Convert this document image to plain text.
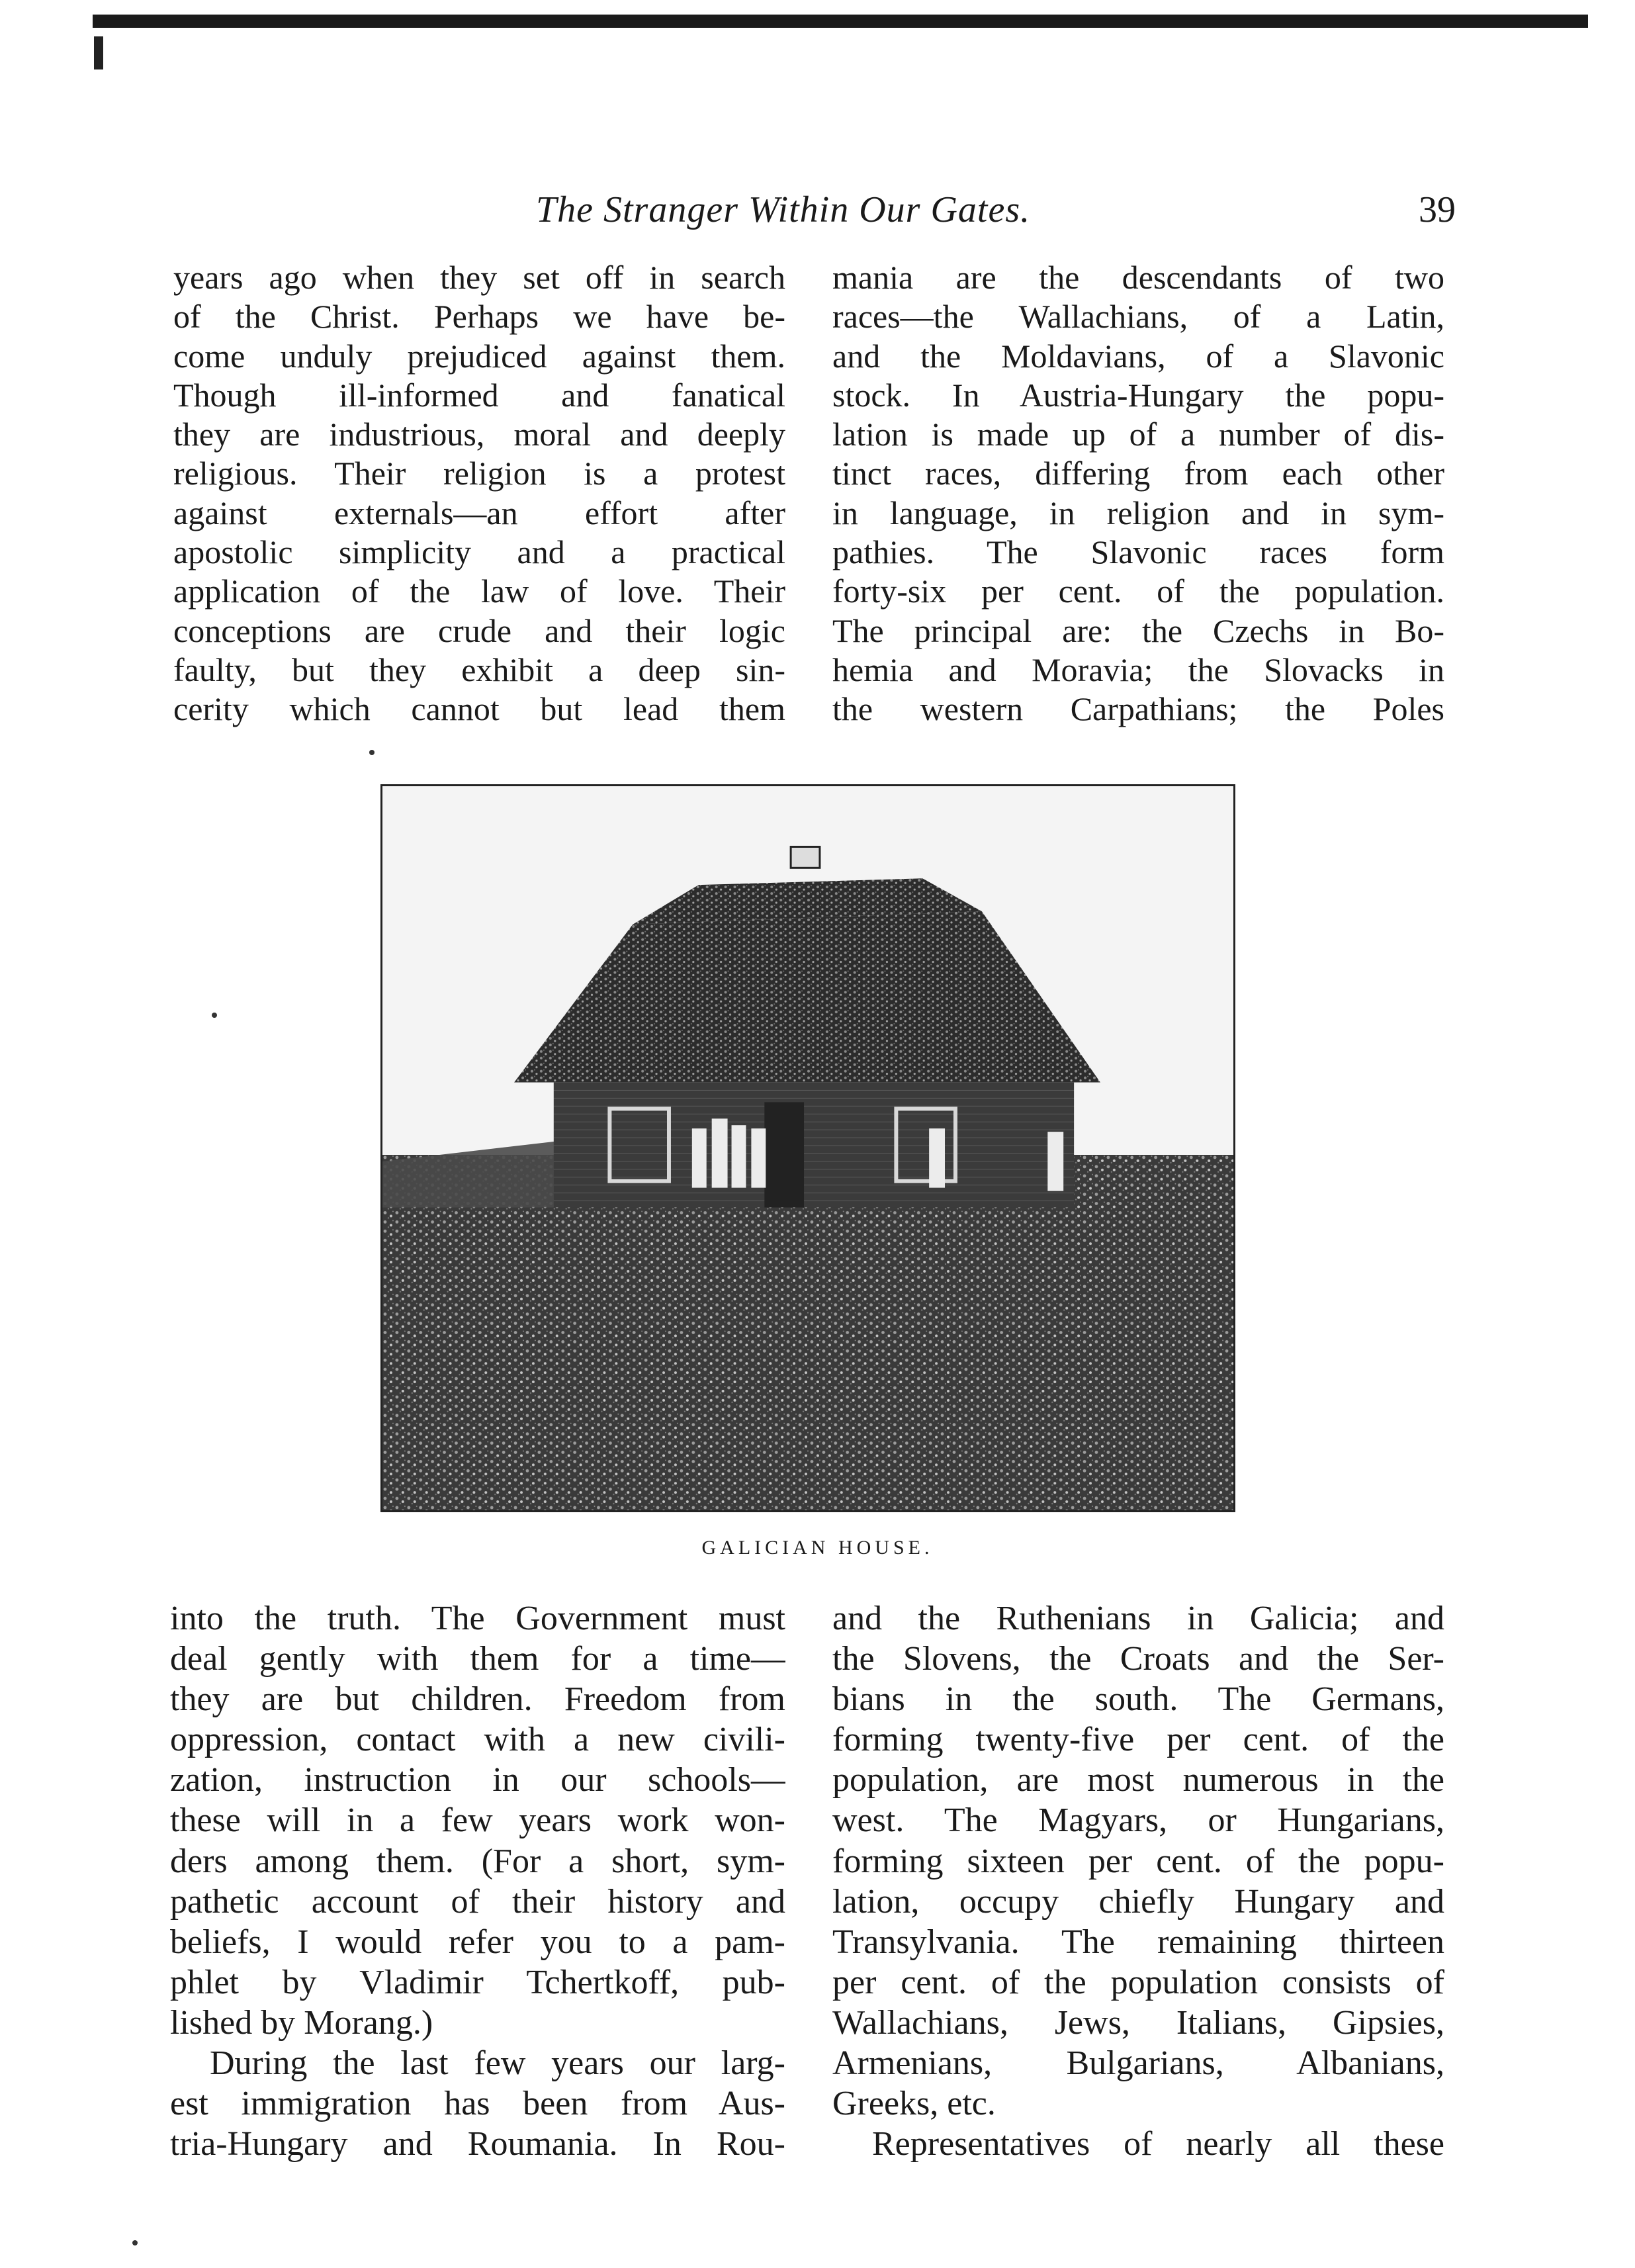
The Stranger Within Our Gates.	39
years ago when they set off in search
of the Christ. Perhaps we have be-
come unduly prejudiced against them.
Though ill-informed and fanatical
they are industrious, moral and deeply
religious. Their religion is a protest
against externals—an effort after
apostolic simplicity and a practical
application of the law of love. Their
conceptions are crude and their logic
faulty, but they exhibit a deep sin-
cerity which cannot but lead them
mania are the descendants of two
races—the Wallachians, of a Latin,
and the Moldavians, of a Slavonic
stock. In Austria-Hungary the popu-
lation is made up of a number of dis-
tinct races, differing from each other
in language, in religion and in sym-
pathies. The Slavonic races form
forty-six per cent. of the population.
The principal are: the Czechs in Bo-
hemia and Moravia; the Slovacks in
the western Carpathians; the Poles
GALICIAN HOUSE.
into the truth. The Government must
deal gently with them for a time—
they are but children. Freedom from
oppression, contact with a new civili-
zation, instruction in our schools—
these will in a few years work won-
ders among them. (For a short, sym-
pathetic account of their history and
beliefs, I would refer you to a pam-
phlet by Vladimir Tchertkoff, pub-
lished by Morang.)
During the last few years our larg-
est immigration has been from Aus-
tria-Hungary and Roumania. In Rou-
and the Ruthenians in Galicia; and
the Slovens, the Croats and the Ser-
bians in the south. The Germans,
forming twenty-five per cent. of the
population, are most numerous in the
west. The Magyars, or Hungarians,
forming sixteen per cent. of the popu-
lation, occupy chiefly Hungary and
Transylvania. The remaining thirteen
per cent. of the population consists of
Wallachians, Jews, Italians, Gipsies,
Armenians, Bulgarians, Albanians,
Greeks, etc.
Representatives of nearly all these
